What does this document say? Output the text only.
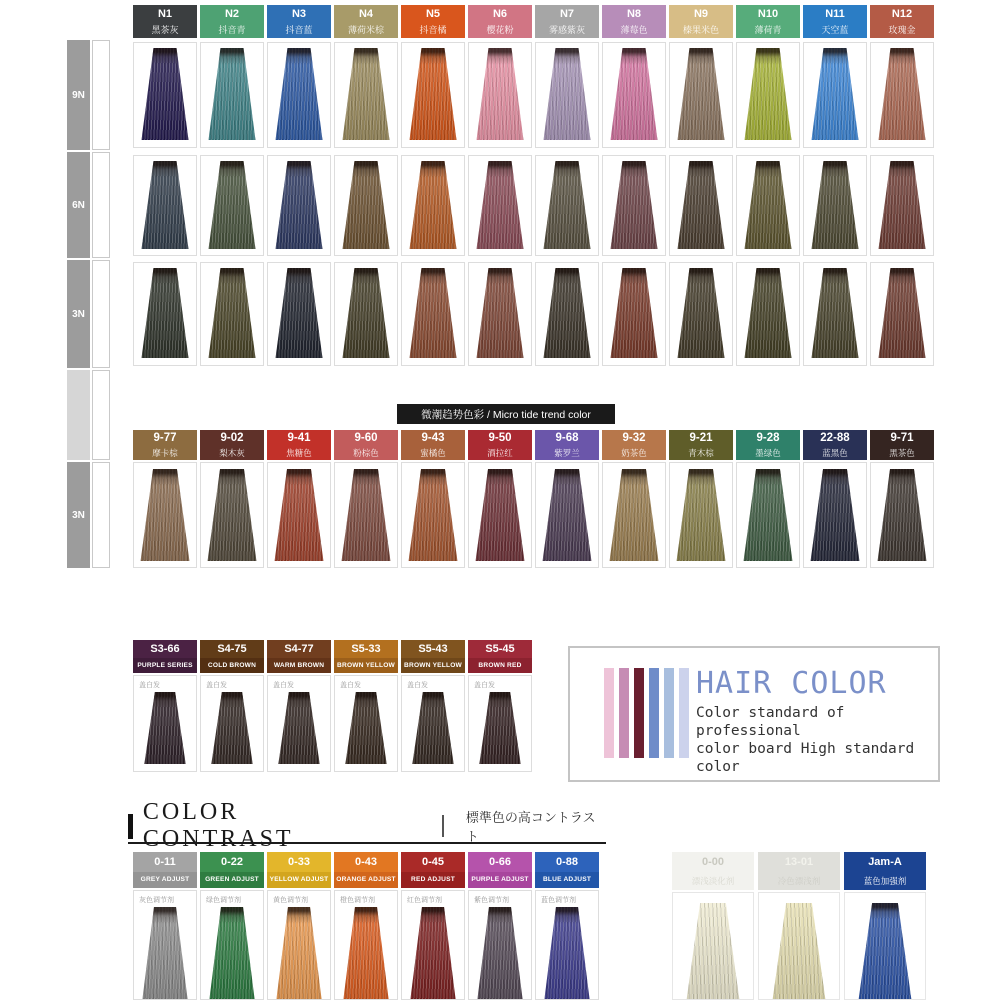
N1
黑茶灰
N2
抖音青
N3
抖音蓝
N4
薄荷米棕
N5
抖音橘
N6
樱花粉
N7
雾感紫灰
N8
薄莓色
N9
榛果米色
N10
薄荷青
N11
天空蓝
N12
玫瑰金
微潮趋势色彩 / Micro tide trend color
9-77
摩卡棕
9-02
梨木灰
9-41
焦糖色
9-60
粉棕色
9-43
蜜橘色
9-50
酒拉红
9-68
紫罗兰
9-32
奶茶色
9-21
青木棕
9-28
墨绿色
22-88
蓝黑色
9-71
黑茶色
S3-66
PURPLE SERIES
S4-75
COLD BROWN
S4-77
WARM BROWN
S5-33
BROWN YELLOW
S5-43
BROWN YELLOW
S5-45
BROWN RED
盖白发	盖白发	盖白发	盖白发	盖白发	盖白发	HAIR COLOR
Color standard of professional
color board High standard color
COLOR CONTRAST
標準色の高コントラスト
0-11
GREY ADJUST
0-22
GREEN ADJUST
0-33
YELLOW ADJUST
0-43
ORANGE ADJUST
0-45
RED ADJUST
0-66
PURPLE ADJUST
0-88
BLUE ADJUST
灰色调节剂	绿色调节剂	黄色调节剂	橙色调节剂	红色调节剂	紫色调节剂	蓝色调节剂
0-00
漂浅淡化剂
13-01
冷色漂浅剂
Jam-A
蓝色加强剂
9N
6N
3N
3N
